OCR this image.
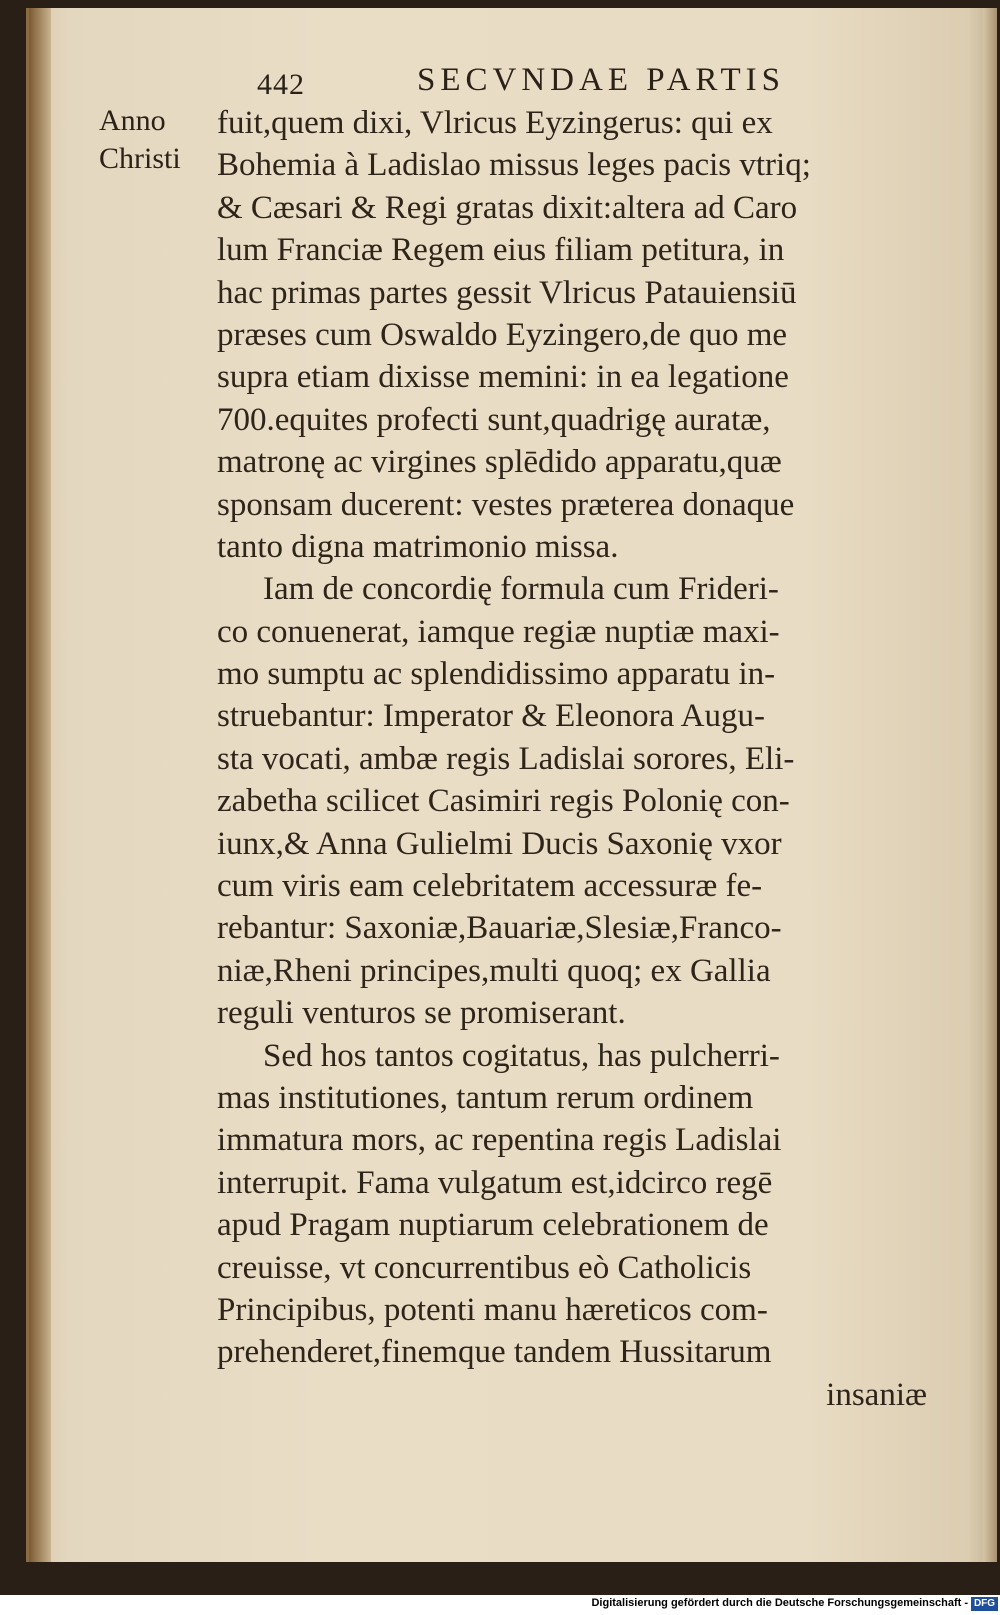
442	SECVNDAE PARTIS
Anno
Christi
fuit,quem dixi, Vlricus Eyzingerus: qui ex
Bohemia à Ladislao missus leges pacis vtriq;
& Cæsari & Regi gratas dixit:altera ad Caro
lum Franciæ Regem eius filiam petitura, in
hac primas partes gessit Vlricus Patauiensiū
præses cum Oswaldo Eyzingero,de quo me
supra etiam dixisse memini: in ea legatione
700.equites profecti sunt,quadrigę auratæ,
matronę ac virgines splēdido apparatu,quæ
sponsam ducerent: vestes præterea donaque
tanto digna matrimonio missa.
Iam de concordię formula cum Frideri-
co conuenerat, iamque regiæ nuptiæ maxi-
mo sumptu ac splendidissimo apparatu in-
struebantur: Imperator & Eleonora Augu-
sta vocati, ambæ regis Ladislai sorores, Eli-
zabetha scilicet Casimiri regis Polonię con-
iunx,& Anna Gulielmi Ducis Saxonię vxor
cum viris eam celebritatem accessuræ fe-
rebantur: Saxoniæ,Bauariæ,Slesiæ,Franco-
niæ,Rheni principes,multi quoq; ex Gallia
reguli venturos se promiserant.
Sed hos tantos cogitatus, has pulcherri-
mas institutiones, tantum rerum ordinem
immatura mors, ac repentina regis Ladislai
interrupit. Fama vulgatum est,idcirco regē
apud Pragam nuptiarum celebrationem de
creuisse, vt concurrentibus eò Catholicis
Principibus, potenti manu hæreticos com-
prehenderet,finemque tandem Hussitarum
insaniæ
Digitalisierung gefördert durch die Deutsche Forschungsgemeinschaft - DFG
